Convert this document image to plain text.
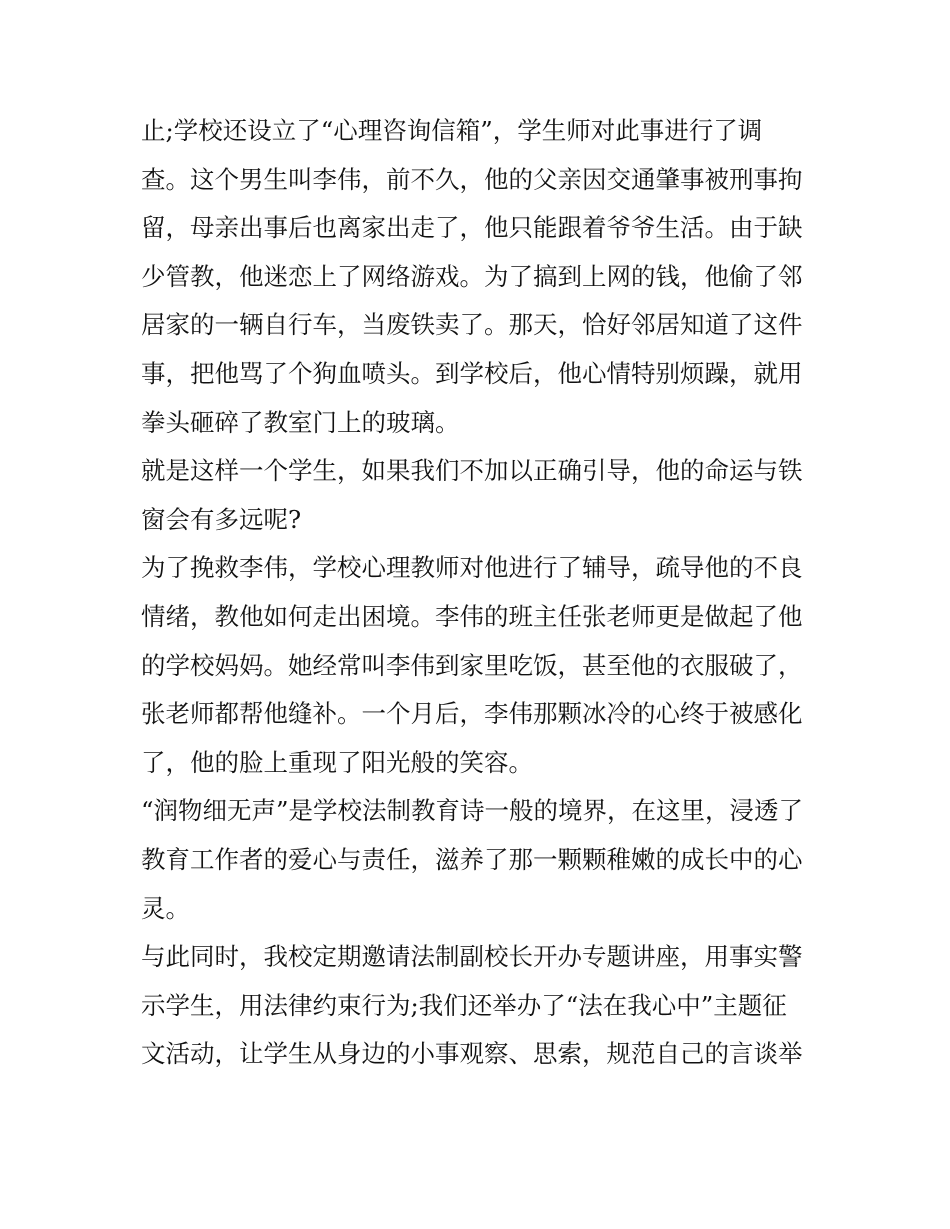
止;学校还设立了“心理咨询信箱”，学生师对此事进行了调
查。这个男生叫李伟，前不久，他的父亲因交通肇事被刑事拘
留，母亲出事后也离家出走了，他只能跟着爷爷生活。由于缺
少管教，他迷恋上了网络游戏。为了搞到上网的钱，他偷了邻
居家的一辆自行车，当废铁卖了。那天，恰好邻居知道了这件
事，把他骂了个狗血喷头。到学校后，他心情特别烦躁，就用
拳头砸碎了教室门上的玻璃。
就是这样一个学生，如果我们不加以正确引导，他的命运与铁
窗会有多远呢?
为了挽救李伟，学校心理教师对他进行了辅导，疏导他的不良
情绪，教他如何走出困境。李伟的班主任张老师更是做起了他
的学校妈妈。她经常叫李伟到家里吃饭，甚至他的衣服破了，
张老师都帮他缝补。一个月后，李伟那颗冰冷的心终于被感化
了，他的脸上重现了阳光般的笑容。
“润物细无声”是学校法制教育诗一般的境界，在这里，浸透了
教育工作者的爱心与责任，滋养了那一颗颗稚嫩的成长中的心
灵。
与此同时，我校定期邀请法制副校长开办专题讲座，用事实警
示学生，用法律约束行为;我们还举办了“法在我心中”主题征
文活动，让学生从身边的小事观察、思索，规范自己的言谈举
